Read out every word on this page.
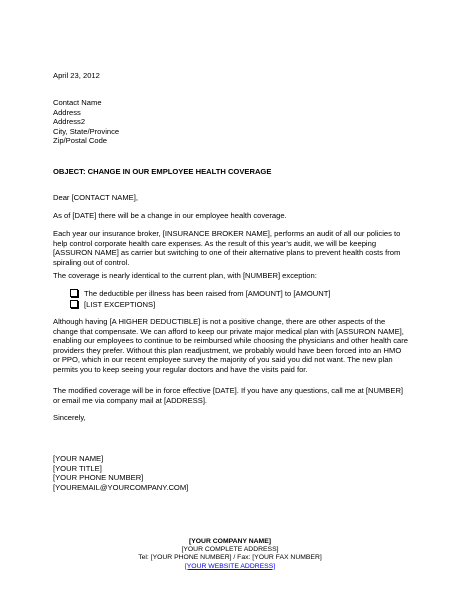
April 23, 2012
Contact Name
Address
Address2
City, State/Province
Zip/Postal Code
OBJECT: CHANGE IN OUR EMPLOYEE HEALTH COVERAGE
Dear [CONTACT NAME],
As of [DATE] there will be a change in our employee health coverage.
Each year our insurance broker, [INSURANCE BROKER NAME], performs an audit of all our policies to
help control corporate health care expenses. As the result of this year’s audit, we will be keeping
[ASSURON NAME] as carrier but switching to one of their alternative plans to prevent health costs from
spiraling out of control.
The coverage is nearly identical to the current plan, with [NUMBER] exception:
The deductible per illness has been raised from [AMOUNT] to [AMOUNT]
[LIST EXCEPTIONS]
Although having [A HIGHER DEDUCTIBLE] is not a positive change, there are other aspects of the
change that compensate. We can afford to keep our private major medical plan with [ASSURON NAME],
enabling our employees to continue to be reimbursed while choosing the physicians and other health care
providers they prefer. Without this plan readjustment, we probably would have been forced into an HMO
or PPO, which in our recent employee survey the majority of you said you did not want. The new plan
permits you to keep seeing your regular doctors and have the visits paid for.
The modified coverage will be in force effective [DATE]. If you have any questions, call me at [NUMBER]
or email me via company mail at [ADDRESS].
Sincerely,
[YOUR NAME]
[YOUR TITLE]
[YOUR PHONE NUMBER]
[YOUREMAIL@YOURCOMPANY.COM]
[YOUR COMPANY NAME]
[YOUR COMPLETE ADDRESS]
Tel: [YOUR PHONE NUMBER] / Fax: [YOUR FAX NUMBER]
[YOUR WEBSITE ADDRESS]
